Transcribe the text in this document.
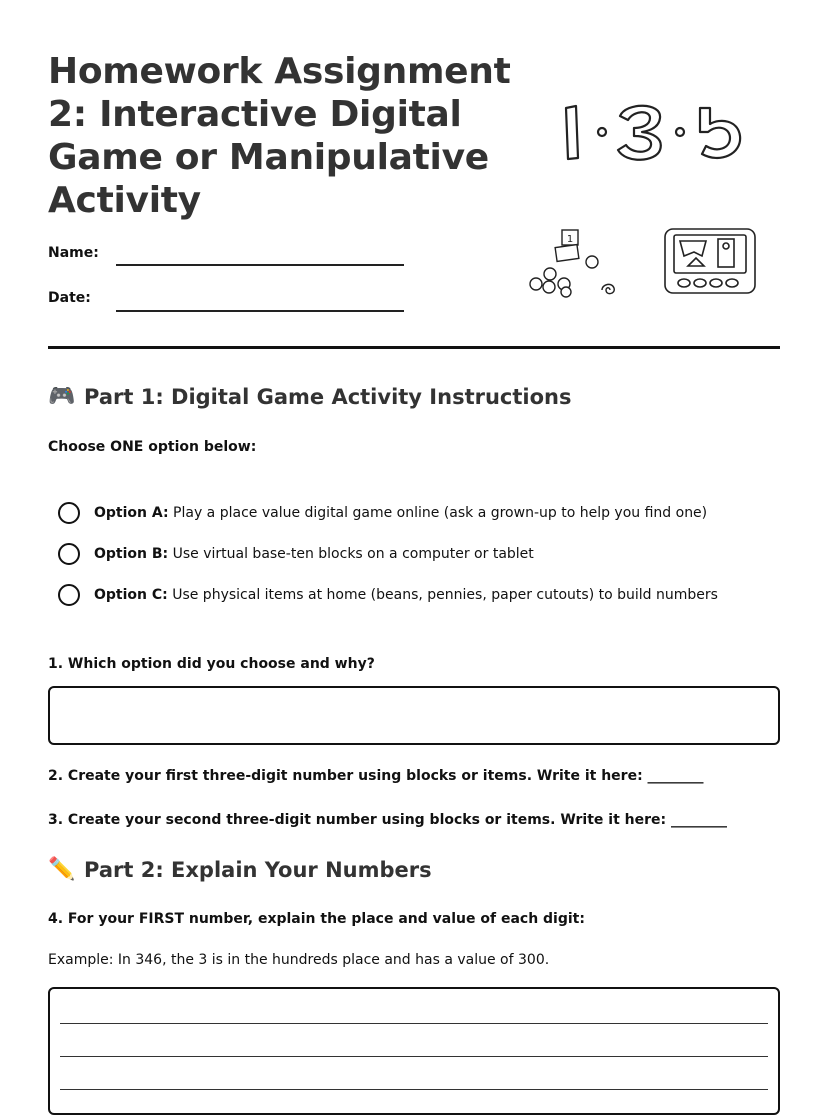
Homework Assignment 2: Interactive Digital Game or Manipulative Activity
Name:
Date:
1
🎮 Part 1: Digital Game Activity Instructions
Choose ONE option below:
Option A: Play a place value digital game online (ask a grown-up to help you find one)
Option B: Use virtual base-ten blocks on a computer or tablet
Option C: Use physical items at home (beans, pennies, paper cutouts) to build numbers
1. Which option did you choose and why?
2. Create your first three-digit number using blocks or items. Write it here: ________
3. Create your second three-digit number using blocks or items. Write it here: ________
✏️ Part 2: Explain Your Numbers
4. For your FIRST number, explain the place and value of each digit:
Example: In 346, the 3 is in the hundreds place and has a value of 300.
